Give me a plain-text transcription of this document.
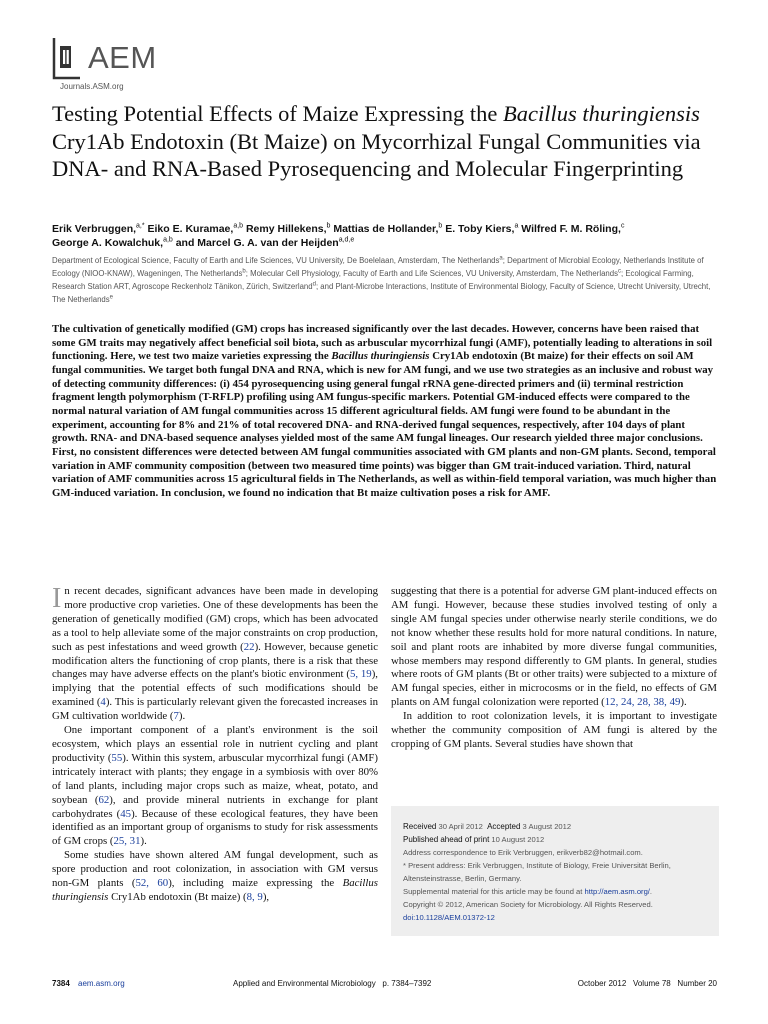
AEM
Journals.ASM.org
Testing Potential Effects of Maize Expressing the Bacillus thuringiensis Cry1Ab Endotoxin (Bt Maize) on Mycorrhizal Fungal Communities via DNA- and RNA-Based Pyrosequencing and Molecular Fingerprinting
Erik Verbruggen,$^{a,*}$ Eiko E. Kuramae,$^{a,b}$ Remy Hillekens,$^b$ Mattias de Hollander,$^b$ E. Toby Kiers,$^a$ Wilfred F. M. Röling,$^c$
George A. Kowalchuk,$^{a,b}$ and Marcel G. A. van der Heijden$^{a,d,e}$
Department of Ecological Science, Faculty of Earth and Life Sciences, VU University, De Boelelaan, Amsterdam, The Netherlands$^a$; Department of Microbial Ecology, Netherlands Institute of Ecology (NIOO-KNAW), Wageningen, The Netherlands$^b$; Molecular Cell Physiology, Faculty of Earth and Life Sciences, VU University, Amsterdam, The Netherlands$^c$; Ecological Farming, Research Station ART, Agroscope Reckenholz Tänikon, Zürich, Switzerland$^d$; and Plant-Microbe Interactions, Institute of Environmental Biology, Faculty of Science, Utrecht University, Utrecht, The Netherlands$^e$
The cultivation of genetically modified (GM) crops has increased significantly over the last decades. However, concerns have been raised that some GM traits may negatively affect beneficial soil biota, such as arbuscular mycorrhizal fungi (AMF), potentially leading to alterations in soil functioning. Here, we test two maize varieties expressing the Bacillus thuringiensis Cry1Ab endotoxin (Bt maize) for their effects on soil AM fungal communities. We target both fungal DNA and RNA, which is new for AM fungi, and we use two strategies as an inclusive and robust way of detecting community differences: (i) 454 pyrosequencing using general fungal rRNA gene-directed primers and (ii) terminal restriction fragment length polymorphism (T-RFLP) profiling using AM fungus-specific markers. Potential GM-induced effects were compared to the normal natural variation of AM fungal communities across 15 different agricultural fields. AM fungi were found to be abundant in the experiment, accounting for 8% and 21% of total recovered DNA- and RNA-derived fungal sequences, respectively, after 104 days of plant growth. RNA- and DNA-based sequence analyses yielded most of the same AM fungal lineages. Our research yielded three major conclusions. First, no consistent differences were detected between AM fungal communities associated with GM plants and non-GM plants. Second, temporal variation in AMF community composition (between two measured time points) was bigger than GM trait-induced variation. Third, natural variation of AMF communities across 15 agricultural fields in The Netherlands, as well as within-field temporal variation, was much higher than GM-induced variation. In conclusion, we found no indication that Bt maize cultivation poses a risk for AMF.

In recent decades, significant advances have been made in developing more productive crop varieties. One of these developments has been the generation of genetically modified (GM) crops, which has been advocated as a tool to help alleviate some of the major constraints on crop production, such as pest infestations and weed growth (22). However, because genetic modification alters the functioning of crop plants, there is a risk that these changes may have adverse effects on the plant's biotic environment (5, 19), implying that the potential effects of such modifications should be examined (4). This is particularly relevant given the forecasted increases in GM cultivation worldwide (7).

One important component of a plant's environment is the soil ecosystem, which plays an essential role in nutrient cycling and plant productivity (55). Within this system, arbuscular mycorrhizal fungi (AMF) intricately interact with plants; they engage in a symbiosis with over 80% of land plants, including major crops such as maize, wheat, potato, and soybean (62), and provide mineral nutrients in exchange for plant carbohydrates (45). Because of these ecological features, they have been identified as an important group of organisms to study for risk assessments of GM crops (25, 31).

Some studies have shown altered AM fungal development, such as spore production and root colonization, in association with GM versus non-GM plants (52, 60), including maize expressing the Bacillus thuringiensis Cry1Ab endotoxin (Bt maize) (8, 9),

suggesting that there is a potential for adverse GM plant-induced effects on AM fungi. However, because these studies involved testing of only a single AM fungal species under otherwise nearly sterile conditions, we do not know whether these results hold for more natural conditions. In nature, soil and plant roots are inhabited by more diverse fungal communities, whose members may respond differently to GM plants. In general, studies where roots of GM plants (Bt or other traits) were subjected to a mixture of AM fungal species, either in microcosms or in the field, no effects of GM plants on AM fungal colonization were reported (12, 24, 28, 38, 49).

In addition to root colonization levels, it is important to investigate whether the community composition of AM fungi is altered by the cropping of GM plants. Several studies have shown that

Received 30 April 2012 Accepted 3 August 2012
Published ahead of print 10 August 2012
Address correspondence to Erik Verbruggen, erikverb82@hotmail.com.
* Present address: Erik Verbruggen, Institute of Biology, Freie Universität Berlin, Altensteinstrasse, Berlin, Germany.
Supplemental material for this article may be found at http://aem.asm.org/.
Copyright © 2012, American Society for Microbiology. All Rights Reserved.
doi:10.1128/AEM.01372-12
7384 aem.asm.org	Applied and Environmental Microbiology   p. 7384–7392	October 2012   Volume 78   Number 20
